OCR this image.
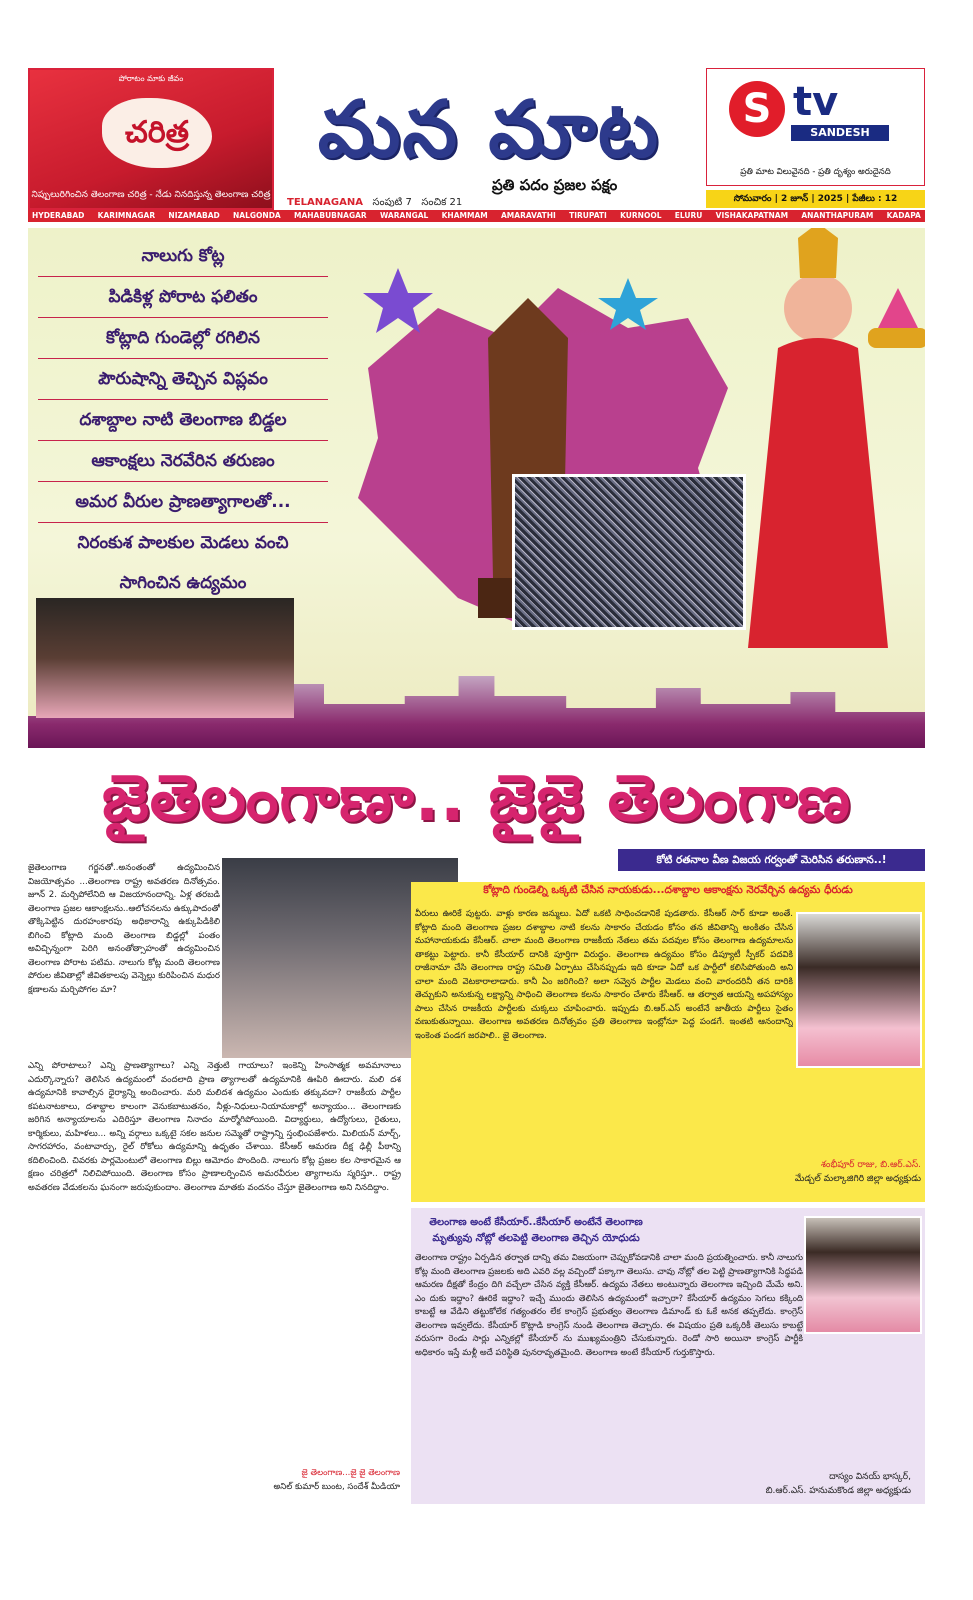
పోరాటం మాకు జీవం
చరిత్ర
నిప్పులురిగించిన తెలంగాణ చరిత్ర - నేడు నినదిస్తున్న తెలంగాణ చరిత్ర
మన మాట
ప్రతి పదం ప్రజల పక్షం
TELANAGANA సంపుటి 7 సంచిక 21
S tv
SANDESH
ప్రతి మాట విలువైనది - ప్రతి దృశ్యం అరుదైనది
సోమవారం | 2 జూన్ | 2025 | పేజీలు : 12
HYDERABAD KARIMNAGAR NIZAMABAD NALGONDA MAHABUBNAGAR WARANGAL KHAMMAM AMARAVATHI TIRUPATI KURNOOL ELURU VISHAKAPATNAM ANANTHAPURAM KADAPA
నాలుగు కోట్ల
పిడికిళ్ల పోరాట ఫలితం
కోట్లాది గుండెల్లో రగిలిన
పౌరుషాన్ని తెచ్చిన విప్లవం
దశాబ్దాల నాటి తెలంగాణ బిడ్డల
ఆకాంక్షలు నెరవేరిన తరుణం
అమర వీరుల ప్రాణత్యాగాలతో...
నిరంకుశ పాలకుల మెడలు వంచి
సాగించిన ఉద్యమం
జైతెలంగాణా.. జైజై తెలంగాణ
కోటి రతనాల వీణ విజయ గర్వంతో మెరిసిన తరుణాన..!
జైతెలంగాణ గర్జనతో..అనంతంతో ఉద్యమించిన విజయోత్సవం ...తెలంగాణ రాష్ట్ర అవతరణ దినోత్సవం. జూన్ 2. మర్చిపోలేనిది ఆ విజయానందాన్ని. ఏళ్ల తరబడి తెలంగాణ ప్రజల ఆకాంక్షలను..ఆలోచనలను ఉక్కుపాదంతో తొక్కిపెట్టిన దురహంకారపు అధికారాన్ని ఉక్కుపిడికిలి బిగించి కోట్లాది మంది తెలంగాణ బిడ్డల్లో పంతం అవిచ్ఛిన్నంగా పెరిగి అనంతోత్సాహంతో ఉద్యమించిన తెలంగాణ పోరాట పటిమ. నాలుగు కోట్ల మంది తెలంగాణ పోరుల జీవితాల్లో జీవితకాలపు వెన్నెల్లు కురిపించిన మధుర క్షణాలను మర్చిపోగల మా?
ఎన్ని పోరాటాలు? ఎన్ని ప్రాణత్యాగాలు? ఎన్ని నెత్తుటి గాయాలు? ఇంకెన్ని హింసాత్మక అవమానాలు ఎదుర్కొన్నారు? తెలిసిన ఉద్యమంలో వందలాది ప్రాణ త్యాగాలతో ఉద్యమానికి ఊపిరి ఊదారు. మలి దశ ఉద్యమానికి కావాల్సిన ధైర్యాన్ని అందించారు. మరి మలిదశ ఉద్యమం ఎందుకు తక్కువదా? రాజకీయ పార్టీల కపటనాటకాలు, దశాబ్దాల కాలంగా వెనుకబాటుతనం, నీళ్లు-నిధులు-నియామకాల్లో అన్యాయం... తెలంగాణకు జరిగిన అన్యాయాలను ఎదిరిస్తూ తెలంగాణ నినాదం మార్మోగిపోయింది. విద్యార్థులు, ఉద్యోగులు, రైతులు, కార్మికులు, మహిళలు... అన్ని వర్గాలు ఒక్కటై సకల జనుల సమ్మెతో రాష్ట్రాన్ని స్తంభింపజేశారు. మిలియన్ మార్చ్, సాగరహారం, వంటావార్పు, రైల్ రోకోలు ఉద్యమాన్ని ఉధృతం చేశాయి. కేసీఆర్ ఆమరణ దీక్ష ఢిల్లీ పీఠాన్ని కదిలించింది. చివరకు పార్లమెంటులో తెలంగాణ బిల్లు ఆమోదం పొందింది. నాలుగు కోట్ల ప్రజల కల సాకారమైన ఆ క్షణం చరిత్రలో నిలిచిపోయింది. తెలంగాణ కోసం ప్రాణాలర్పించిన అమరవీరుల త్యాగాలను స్మరిస్తూ.. రాష్ట్ర అవతరణ వేడుకలను ఘనంగా జరుపుకుందాం. తెలంగాణ మాతకు వందనం చేస్తూ జైతెలంగాణ అని నినదిద్దాం.
జై తెలంగాణ...జై జై తెలంగాణ
అనిల్ కుమార్ బుంట, సందేశ్ మీడియా
కోట్లాది గుండెల్ని ఒక్కటి చేసిన నాయకుడు...దశాబ్దాల ఆకాంక్షను నెరవేర్చిన ఉద్యమ ధీరుడు
వీరులు ఊరికే పుట్టరు. వాళ్లు కారణ జన్ములు. ఏదో ఒకటి సాధించడానికే పుడతారు. కేసీఆర్ సార్ కూడా అంతే. కోట్లాది మంది తెలంగాణ ప్రజల దశాబ్దాల నాటి కలను సాకారం చేయడం కోసం తన జీవితాన్ని అంకితం చేసిన మహానాయకుడు కేసీఆర్. చాలా మంది తెలంగాణ రాజకీయ నేతలు తమ పదవుల కోసం తెలంగాణ ఉద్యమాలను తాకట్టు పెట్టారు. కానీ కేసీయార్ దానికి పూర్తిగా విరుద్ధం. తెలంగాణ ఉద్యమం కోసం డిప్యూటీ స్పీకర్ పదవికి రాజీనామా చేసి తెలంగాణ రాష్ట్ర సమితి ఏర్పాటు చేసినప్పుడు ఇది కూడా ఏదో ఒక పార్టీలో కలిసిపోతుంది అని చాలా మంది వెటకారాలాడారు. కానీ ఏం జరిగింది? అలా సవ్వెన పార్టీల మెడలు వంచి వారందరినీ తన దారికి తెచ్చుకుని అనుకున్న లక్ష్యాన్ని సాధించి తెలంగాణ కలను సాకారం చేశారు కేసీఆర్. ఆ తర్వాత ఆయన్ని అపహాస్యం పాలు చేసిన రాజకీయ పార్టీలకు చుక్కలు చూపించారు. ఇప్పుడు బి.ఆర్.ఎస్ అంటేనే జాతీయ పార్టీలు సైతం వణుకుతున్నాయి. తెలంగాణ అవతరణ దినోత్సవం ప్రతి తెలంగాణ ఇంట్లోనూ పెద్ద పండగే. ఇంతటి ఆనందాన్ని ఇంకెంత పండగ జరపాలి.. జై తెలంగాణ.
శంభీపూర్ రాజు, బి.ఆర్.ఎస్.
మేడ్చల్ మల్కాజిగిరి జిల్లా అధ్యక్షుడు
తెలంగాణ అంటే కేసీయార్..కేసీయార్ అంటేనే తెలంగాణ
మృత్యువు నోట్లో తలపెట్టి తెలంగాణ తెచ్చిన యోధుడు
తెలంగాణ రాష్ట్రం ఏర్పడిన తర్వాత దాన్ని తమ విజయంగా చెప్పుకోవడానికి చాలా మంది ప్రయత్నించారు. కానీ నాలుగు కోట్ల మంది తెలంగాణ ప్రజలకు అది ఎవరి వల్ల వచ్చిందో పక్కాగా తెలుసు. చావు నోట్లో తల పెట్టి ప్రాణత్యాగానికి సిద్ధపడి ఆమరణ దీక్షతో కేంద్రం దిగి వచ్చేలా చేసిన వ్యక్తి కేసీఆర్. ఉద్యమ నేతలు అంటున్నారు తెలంగాణ ఇచ్చింది మేమే అని. ఎం దుకు ఇద్దాం? ఊరికే ఇద్దాం? ఇచ్చే ముందు తెలిసిన ఉద్యమంలో ఇచ్చారా? కేసీయార్ ఉద్యమం సెగలు కక్కింది కాబట్టే ఆ వేడిని తట్టుకోలేక గత్యంతరం లేక కాంగ్రెస్ ప్రభుత్వం తెలంగాణ డిమాండ్ కు ఓకే అనక తప్పలేదు. కాంగ్రెస్ తెలంగాణ ఇవ్వలేదు. కేసీయార్ కొట్లాడి కాంగ్రెస్ నుండి తెలంగాణ తెచ్చారు. ఈ విషయం ప్రతి ఒక్కరికీ తెలుసు కాబట్టే వరుసగా రెండు సార్లు ఎన్నికల్లో కేసీయార్ ను ముఖ్యమంత్రిని చేసుకున్నారు. రెండో సారి అయినా కాంగ్రెస్ పార్టీకి అధికారం ఇస్తే మళ్లీ అదే పరిస్థితి పునరావృతమైంది. తెలంగాణ అంటే కేసీయార్ గుర్తుకొస్తారు.
దాస్యం వినయ్ భాస్కర్,
బి.ఆర్.ఎస్. హనుమకొండ జిల్లా అధ్యక్షుడు
